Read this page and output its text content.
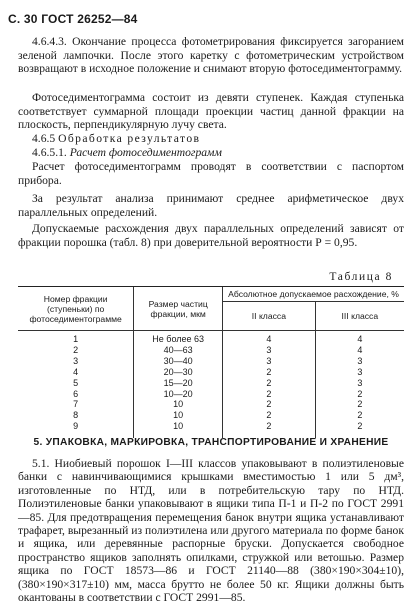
С. 30 ГОСТ 26252—84
4.6.4.3. Окончание процесса фотометрирования фиксируется загоранием зеленой лампочки. После этого каретку с фотометрическим устройством возвращают в исходное положение и снимают вторую фотоседиментограмму.
Фотоседиментограмма состоит из девяти ступенек. Каждая ступенька соответствует суммарной площади проекции частиц данной фракции на плоскость, перпендикулярную лучу света.
4.6.5 Обработка результатов
4.6.5.1. Расчет фотоседиментограмм
Расчет фотоседиментограмм проводят в соответствии с паспортом прибора.
За результат анализа принимают среднее арифметическое двух параллельных определений.
Допускаемые расхождения двух параллельных определений зависят от фракции порошка (табл. 8) при доверительной вероятности Р = 0,95.
Таблица 8
Номер фракции (ступеньки) по фотоседиментограмме	Размер частиц фракции, мкм	Абсолютное допускаемое расхождение, %	
		II класса	III класса
1	Не более 63	4	4
2	40—63	3	4
3	30—40	3	3
4	20—30	2	3
5	15—20	2	3
6	10—20	2	2
7	10	2	2
8	10	2	2
9	10	2	2
5. УПАКОВКА, МАРКИРОВКА, ТРАНСПОРТИРОВАНИЕ И ХРАНЕНИЕ
5.1. Ниобиевый порошок I—III классов упаковывают в полиэтиленовые банки с навинчивающимися крышками вместимостью 1 или 5 дм³, изготовленные по НТД, или в потребительскую тару по НТД. Полиэтиленовые банки упаковывают в ящики типа П-1 и П-2 по ГОСТ 2991—85. Для предотвращения перемещения банок внутри ящика устанавливают трафарет, вырезанный из полиэтилена или другого материала по форме банок и ящика, или деревянные распорные бруски. Допускается свободное пространство ящиков заполнять опилками, стружкой или ветошью. Размер ящика по ГОСТ 18573—86 и ГОСТ 21140—88 (380×190×304±10), (380×190×317±10) мм, масса брутто не более 50 кг. Ящики должны быть окантованы в соответствии с ГОСТ 2991—85.
